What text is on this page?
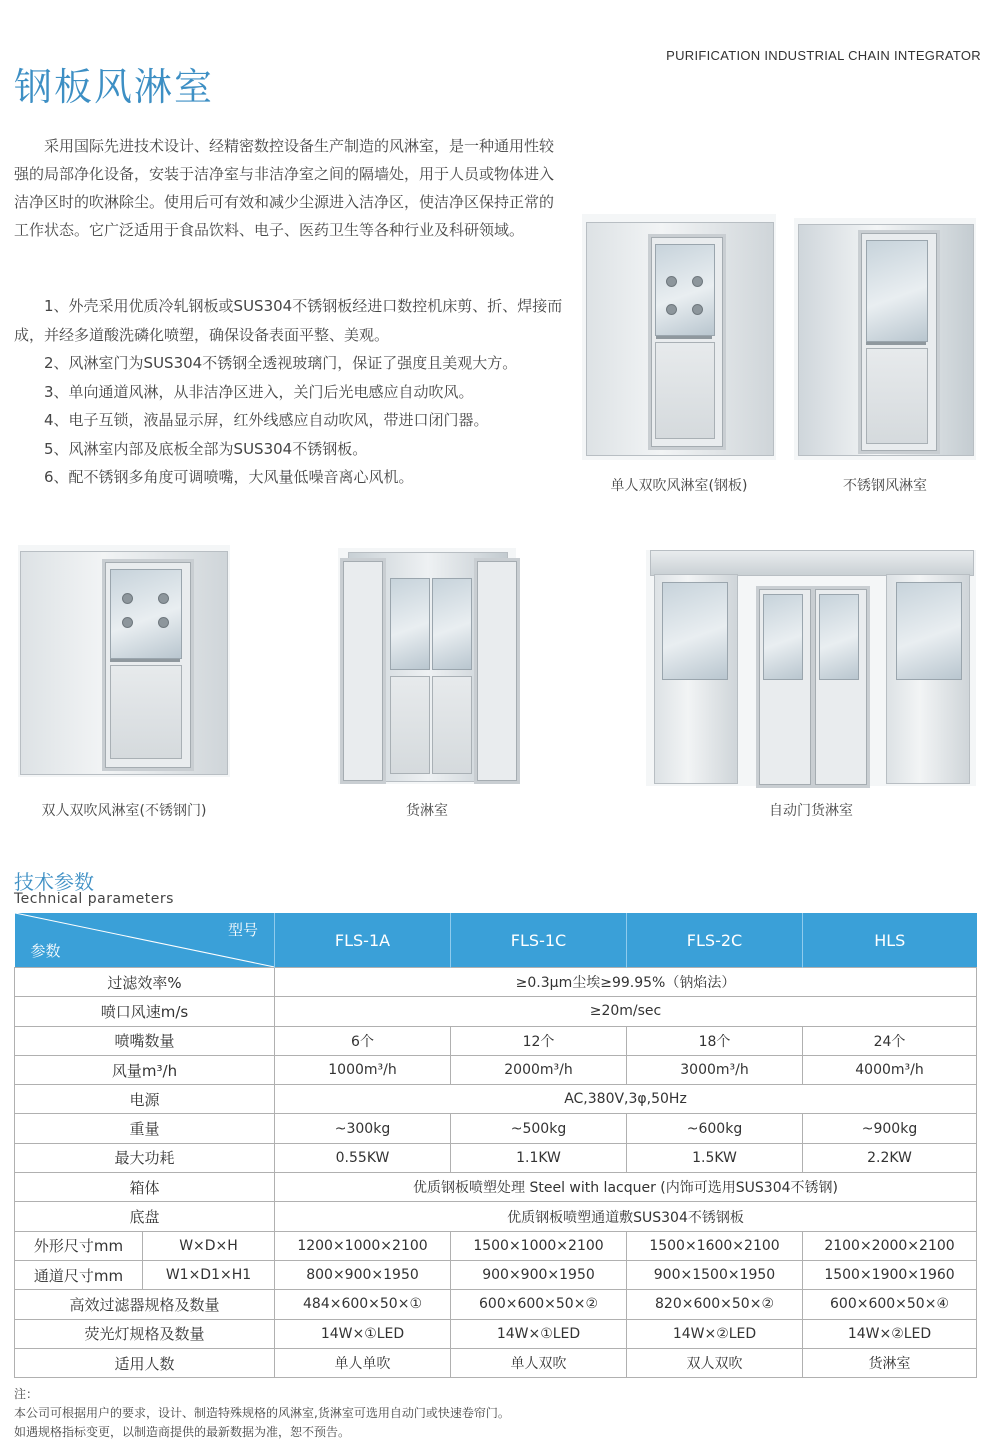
PURIFICATION INDUSTRIAL CHAIN INTEGRATOR
钢板风淋室

采用国际先进技术设计、经精密数控设备生产制造的风淋室，是一种通用性较强的局部净化设备，安装于洁净室与非洁净室之间的隔墙处，用于人员或物体进入洁净区时的吹淋除尘。使用后可有效和减少尘源进入洁净区，使洁净区保持正常的工作状态。它广泛适用于食品饮料、电子、医药卫生等各种行业及科研领域。

1、外壳采用优质冷轧钢板或SUS304不锈钢板经进口数控机床剪、折、焊接而成，并经多道酸洗磷化喷塑，确保设备表面平整、美观。
2、风淋室门为SUS304不锈钢全透视玻璃门，保证了强度且美观大方。
3、单向通道风淋，从非洁净区进入，关门后光电感应自动吹风。
4、电子互锁，液晶显示屏，红外线感应自动吹风，带进口闭门器。
5、风淋室内部及底板全部为SUS304不锈钢板。
6、配不锈钢多角度可调喷嘴，大风量低噪音离心风机。	单人双吹风淋室(钢板)	不锈钢风淋室
双人双吹风淋室(不锈钢门)	货淋室	自动门货淋室
技术参数
Technical parameters
型号
参数		FLS-1A	FLS-1C	FLS-2C	HLS
过滤效率%		≥0.3μm尘埃≥99.95%（钠焰法）			
喷口风速m/s		≥20m/sec			
喷嘴数量		6个	12个	18个	24个
风量m³/h		1000m³/h	2000m³/h	3000m³/h	4000m³/h
电源		AC,380V,3φ,50Hz			
重量		~300kg	~500kg	~600kg	~900kg
最大功耗		0.55KW	1.1KW	1.5KW	2.2KW
箱体		优质钢板喷塑处理 Steel with lacquer (内饰可选用SUS304不锈钢)			
底盘		优质钢板喷塑通道敷SUS304不锈钢板			
外形尺寸mm	W×D×H	1200×1000×2100	1500×1000×2100	1500×1600×2100	2100×2000×2100
通道尺寸mm	W1×D1×H1	800×900×1950	900×900×1950	900×1500×1950	1500×1900×1960
高效过滤器规格及数量		484×600×50×①	600×600×50×②	820×600×50×②	600×600×50×④
荧光灯规格及数量		14W×①LED	14W×①LED	14W×②LED	14W×②LED
适用人数		单人单吹	单人双吹	双人双吹	货淋室
注：
本公司可根据用户的要求，设计、制造特殊规格的风淋室,货淋室可选用自动门或快速卷帘门。
如遇规格指标变更，以制造商提供的最新数据为准，恕不预告。
